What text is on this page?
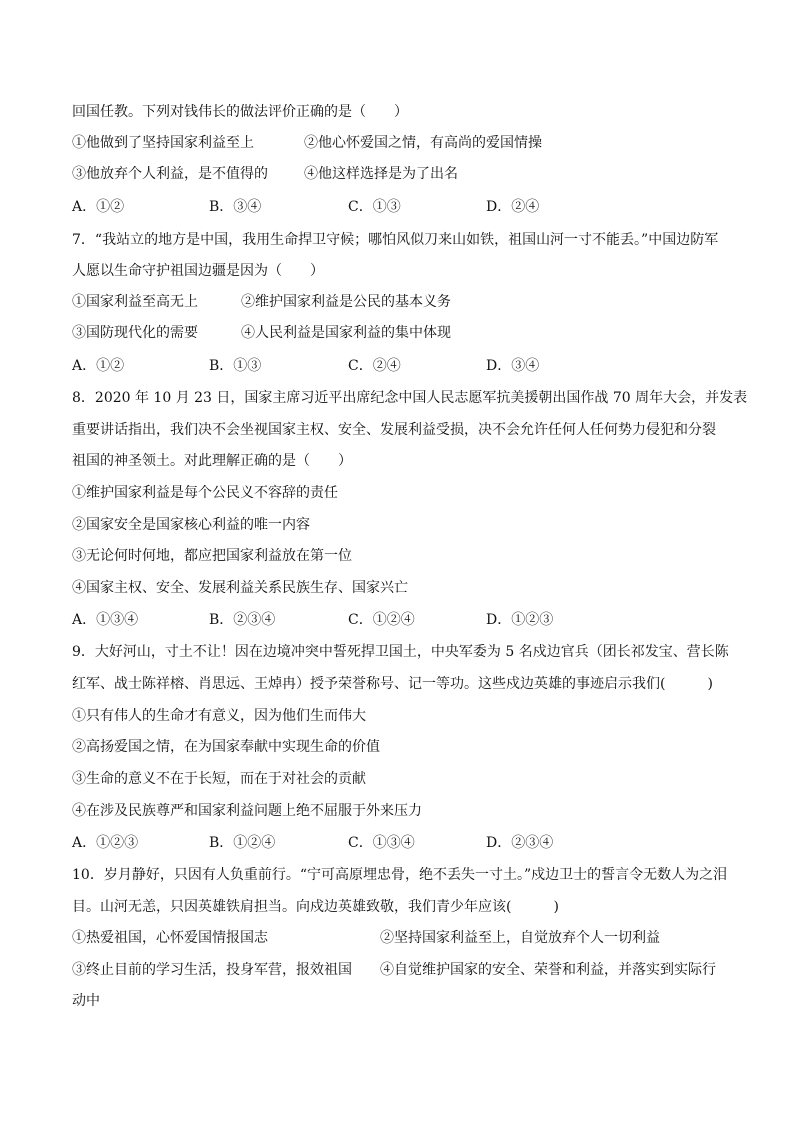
回国任教。下列对钱伟长的做法评价正确的是（　　）
①他做到了坚持国家利益至上	②他心怀爱国之情，有高尚的爱国情操
③他放弃个人利益，是不值得的	④他这样选择是为了出名
A．①②	B．③④	C．①③	D．②④
7．“我站立的地方是中国，我用生命捍卫守候；哪怕风似刀来山如铁，祖国山河一寸不能丢。”中国边防军
人愿以生命守护祖国边疆是因为（　　）
①国家利益至高无上	②维护国家利益是公民的基本义务
③国防现代化的需要	④人民利益是国家利益的集中体现
A．①②	B．①③	C．②④	D．③④
8．2020 年 10 月 23 日，国家主席习近平出席纪念中国人民志愿军抗美援朝出国作战 70 周年大会，并发表
重要讲话指出，我们决不会坐视国家主权、安全、发展利益受损，决不会允许任何人任何势力侵犯和分裂
祖国的神圣领土。对此理解正确的是（　　）
①维护国家利益是每个公民义不容辞的责任
②国家安全是国家核心利益的唯一内容
③无论何时何地，都应把国家利益放在第一位
④国家主权、安全、发展利益关系民族生存、国家兴亡
A．①③④	B．②③④	C．①②④	D．①②③
9．大好河山，寸土不让！因在边境冲突中誓死捍卫国土，中央军委为 5 名戍边官兵（团长祁发宝、营长陈
红军、战士陈祥榕、肖思远、王焯冉）授予荣誉称号、记一等功。这些戍边英雄的事迹启示我们(　　　)
①只有伟人的生命才有意义，因为他们生而伟大
②高扬爱国之情，在为国家奉献中实现生命的价值
③生命的意义不在于长短，而在于对社会的贡献
④在涉及民族尊严和国家利益问题上绝不屈服于外来压力
A．①②③	B．①②④	C．①③④	D．②③④
10．岁月静好，只因有人负重前行。“宁可高原埋忠骨，绝不丢失一寸土。”戍边卫士的誓言令无数人为之泪
目。山河无恙，只因英雄铁肩担当。向戍边英雄致敬，我们青少年应该(　　　)
①热爱祖国，心怀爱国情报国志	②坚持国家利益至上，自觉放弃个人一切利益
③终止目前的学习生活，投身军营，报效祖国 ④自觉维护国家的安全、荣誉和利益，并落实到实际行
动中
